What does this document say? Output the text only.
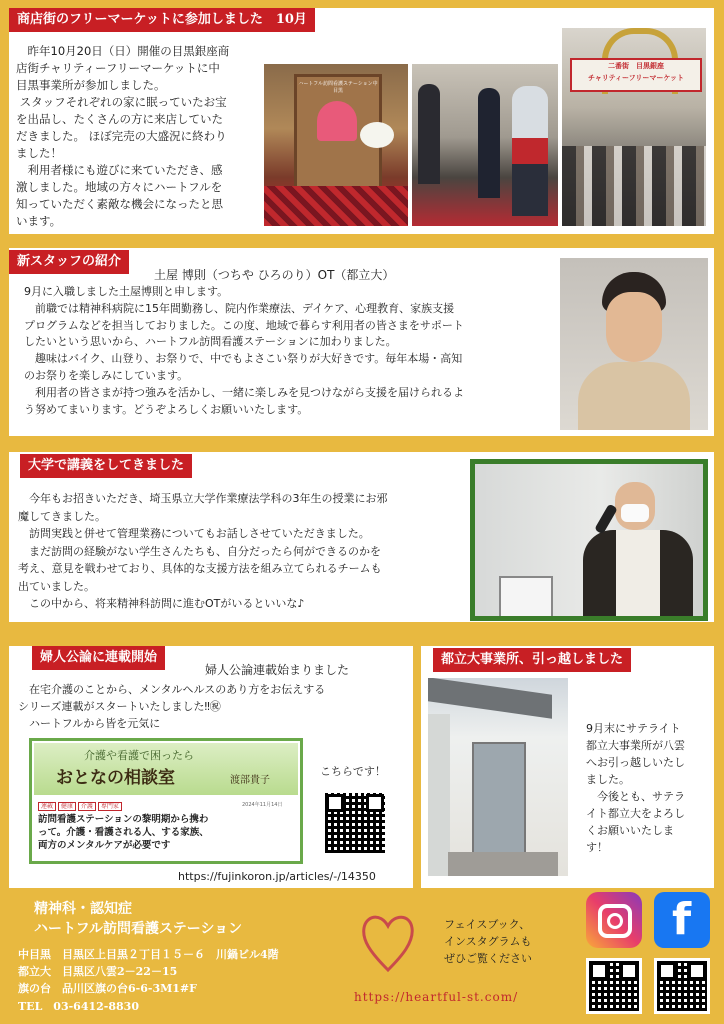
商店街のフリーマーケットに参加しました　10月
　昨年10月20日（日）開催の目黒銀座商
店街チャリティーフリーマーケットに中
目黒事業所が参加しました。
スタッフそれぞれの家に眠っていたお宝
を出品し、たくさんの方に来店していた
だきました。 ほぼ完売の大盛況に終わり
ました！
　利用者様にも遊びに来ていただき、感
激しました。地域の方々にハートフルを
知っていただく素敵な機会になったと思
います。
ハートフル訪問看護ステーション中目黒
二番街　目黒銀座
チャリティーフリーマーケット
新スタッフの紹介
土屋 博則（つちや ひろのり）OT（都立大）
9月に入職しました土屋博則と申します。
　前職では精神科病院に15年間勤務し、院内作業療法、デイケア、心理教育、家族支援
プログラムなどを担当しておりました。この度、地域で暮らす利用者の皆さまをサポート
したいという思いから、ハートフル訪問看護ステーションに加わりました。
　趣味はバイク、山登り、お祭りで、中でもよさこい祭りが大好きです。毎年本場・高知
のお祭りを楽しみにしています。
　利用者の皆さまが持つ強みを活かし、一緒に楽しみを見つけながら支援を届けられるよ
う努めてまいります。どうぞよろしくお願いいたします。
大学で講義をしてきました
　今年もお招きいただき、埼玉県立大学作業療法学科の3年生の授業にお邪
魔してきました。
　訪問実践と併せて管理業務についてもお話しさせていただきました。
　まだ訪問の経験がない学生さんたちも、自分だったら何ができるのかを
考え、意見を戦わせており、具体的な支援方法を組み立てられるチームも
出ていました。
　この中から、将来精神科訪問に進むOTがいるといいな♪
婦人公論に連載開始
婦人公論連載始まりました
　在宅介護のことから、メンタルヘルスのあり方をお伝えする
シリーズ連載がスタートいたしました‼㊗
　ハートフルから皆を元気に
介護や看護で困ったら
おとなの相談室	渡部貴子
連載 健康 介護 専門家	2024年11月14日
訪問看護ステーションの黎明期から携わ
って。介護・看護される人、する家族、
両方のメンタルケアが必要です
こちらです！
https://fujinkoron.jp/articles/-/14350
都立大事業所、引っ越しました
9月末にサテライト
都立大事業所が八雲
へお引っ越しいたし
ました。
　今後とも、サテラ
イト都立大をよろし
くお願いいたしま
す！
精神科・認知症
ハートフル訪問看護ステーション
中目黒　目黒区上目黒２丁目１５－６　川鍋ビル4階
都立大　目黒区八雲2－22－15
旗の台　品川区旗の台6-6-3M1#F
TEL　03-6412-8830
フェイスブック、
インスタグラムも
ぜひご覧ください
https://heartful-st.com/
f
